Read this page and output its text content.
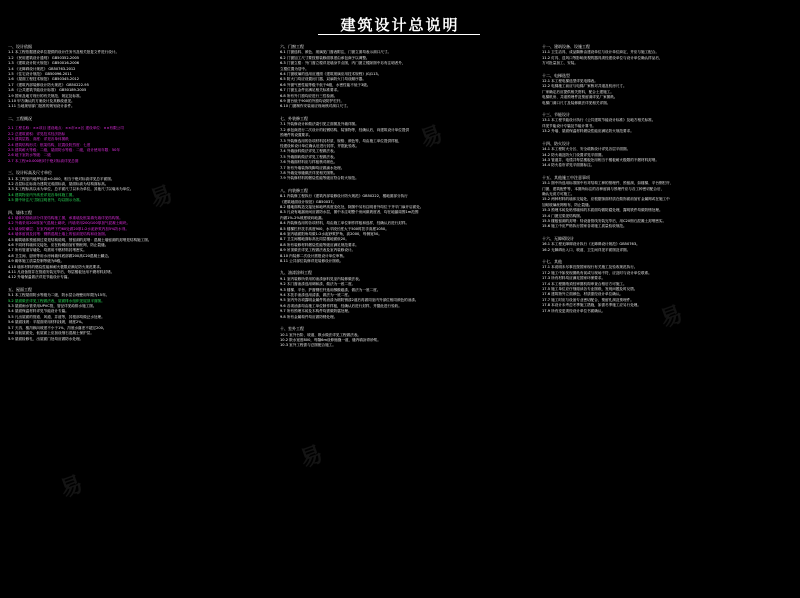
建筑设计总说明
一、设计依据
1.1 本工程依据建设单位提供的设计任务书及相关批复文件进行设计。
1.2 《民用建筑设计通则》 GB50352-2005
1.3 《建筑设计防火规范》 GB50016-2006
1.4 《无障碍设计规范》 GB50763-2012
1.5 《住宅设计规范》 GB50096-2011
1.6 《屋面工程技术规范》 GB50345-2012
1.7 《建筑内部装修设计防火规范》 GB50222-95
1.8 《公共建筑节能设计标准》 GB50189-2005
1.9 国家及地方现行的有关规范、规定及标准。
1.10 甲方确认的方案设计及其修改意见。
1.11 当地规划部门批准的规划设计条件。
二、工程概况
2.1 工程名称：××项目 建设地点：××市××区 建设单位：××有限公司
2.2 总建筑面积：详见技术经济指标
2.3 建筑层数、高度：详见各单体图纸
2.4 建筑结构形式：框架结构，抗震设防烈度：七度
2.5 建筑耐火等级：二级，屋面防水等级：二级，设计使用年限：50年
2.6 地下室防水等级：二级
2.7 本工程±0.000相对于绝对标高详见总图
三、设计标高及尺寸单位
3.1 本工程室内地坪标高±0.000，相当于绝对标高详见总平面图。
3.2 各层标注标高为建筑完成面标高，屋面标高为结构面标高。
3.3 本工程标高以米为单位，总平面尺寸以米为单位，其他尺寸以毫米为单位。
3.4 建筑物室内外高差详见各单体施工图。
3.5 图中所注尺寸除注明者外，均以图示为准。
四、墙体工程
4.1 墙体的基础部分详见结构施工图，承重墙及框架填充墙详见结构图。
4.2 外墙采用200厚加气混凝土砌块，内墙采用200/100厚加气混凝土砌块。
4.3 墙身防潮层：在室内地坪下约60处做20厚1:2水泥砂浆内加5%防水剂。
4.4 墙体留洞及封堵：钢筋混凝土墙上的留洞见结构和设备图。
4.5 砌筑墙体预留洞过梁见结构说明，预留洞的封堵：混凝土墙留洞的封堵见结构施工图。
4.6 不同材料墙体交接处，应在粉刷前加钉钢丝网，防止裂缝。
4.7 所有管道穿墙处，均需用不燃材料封堵密实。
4.8 卫生间、厨房等用水房间墙体底部做200高C20混凝土翻边。
4.9 砌体施工质量控制等级为B级。
4.10 墙体材料的燃烧性能和耐火极限应满足防火规范要求。
4.11 凡设备管井在管道安装完毕后，每层楼板处用不燃材料封堵。
4.12 外墙保温做法详见节能设计专篇。
五、屋面工程
5.1 本工程屋面防水等级为二级，防水层合理使用年限为15年。
5.2 屋面做法详见工程做法表，屋面排水组织见屋顶平面图。
5.3 屋面雨水管采用UPVC管，管径详见给排水施工图。
5.4 屋面保温材料详见节能设计专篇。
5.5 凡出屋面的管道、风道、井道等，其根部均做泛水处理。
5.6 屋面找坡：平屋面采用材料找坡，坡度2%。
5.7 天沟、檐沟纵向坡度不小于1%，沟底水落差不超过200。
5.8 高低屋面处，低屋面上应加设细石混凝土保护层。
5.9 屋面检修孔、出屋面门处均应做防水处理。
六、门窗工程
6.1 门窗选料、颜色、玻璃见门窗表附注，门窗立面均表示洞口尺寸。
6.2 门窗加工尺寸要按照装修面厚度由承包商予以调整。
6.3 门窗立樘：外门窗立樘详见墙身节点图，内门窗立樘除图中另有注明者外，
立樘位置为居中。
6.4 门窗玻璃的选用应遵照《建筑玻璃应用技术规程》JGJ113。
6.5 防火门均应设置闭门器，双扇防火门均设顺序器。
6.6 外窗气密性能等级不低于6级，水密性能不低于3级。
6.7 门窗五金件应满足相关标准要求。
6.8 所有外门窗均应进行三性检测。
6.9 窗台低于900的外窗均设防护栏杆。
6.10 门窗制作安装前应现场核对洞口尺寸。
七、外装修工程
7.1 外装修设计和做法索引见立面图及外墙详图。
7.2 承包商进行二次设计的轻钢结构、装饰物等，经确认后，向建筑设计单位提供
预埋件的设置要求。
7.3 外装修选用的各项材料其材质、规格、颜色等，均由施工单位提供样板，
经建设和设计单位确认后进行封样，并据此验收。
7.4 外墙涂料做法详见工程做法表。
7.5 外墙面砖做法详见工程做法表。
7.6 外墙面材料应与样板核对颜色。
7.7 所有外墙装饰线脚均应做滴水处理。
7.8 外墙变形缝做法详见相关图集。
7.9 外装修材料的燃烧性能等级应符合防火规范。
八、内装修工程
8.1 内装修工程执行《建筑内部装修设计防火规范》GB50222，楼地面部分执行
《建筑地面设计规范》GB50037。
8.2 楼地面构造交接处和地坪高度变化处，除图中另有注明者外均位于齐平门扇开启面处。
8.3 凡设有地漏房间应做防水层，图中未注明整个房间做坡度者，均在地漏周围1m范围
内做1%-2%坡度坡向地漏。
8.4 内装修选用的各项材料，均由施工单位制作样板和选样，经确认后进行封样。
8.5 楼梯栏杆扶手高度900，水平段长度大于500时扶手高度1050。
8.6 室内墙面阳角均做1:2水泥砂浆护角，高2000，每侧宽50。
8.7 卫生间楼地面标高比同层楼地面低20。
8.8 所有装修材料燃烧性能等级应满足规范要求。
8.9 吊顶做法详见工程做法表及室内装修设计。
8.10 内装修二次设计需报设计单位审核。
8.11 公共部位装修详见装修设计图纸。
九、油漆涂料工程
9.1 室内装修所采用的油漆涂料见室内装修做法表。
9.2 木门窗油漆选用调和漆，做法为一底二度。
9.3 楼梯、平台、护窗钢栏杆选用醇酸磁漆，做法为一底二度。
9.4 木扶手油漆选用清漆，做法为一底二度。
9.5 室内外各项露明金属件的油漆为刷防锈漆2道后再做同室内外部位相同颜色的油漆。
9.6 各项油漆均由施工单位制作样板，经确认后进行封样，并据此进行验收。
9.7 所有预埋木砖及木构件均需做防腐处理。
9.8 所有金属构件均应做防锈处理。
十、室外工程
10.1 室外台阶、坡道、散水做法详见工程做法表。
10.2 散水宽度800，每隔6m设伸缩缝一道，缝内填沥青砂浆。
10.3 室外工程需与总图配合施工。
十一、建筑设备、设施工程
11.1 卫生洁具、成品隔断由建设单位与设计单位商定，并应与施工配合。
11.2 灯具、送风口等影响美观的器具须经建设单位与设计单位确认样品后，
方可批量加工、安装。
十二、电梯选型
12.1 本工程电梯选型详见电梯表。
12.2 电梯施工前应与电梯厂家核对井道及机房尺寸。
厂家确定后应提供相关资料，配合土建施工。
电梯机房、井道预埋件及预留洞详见厂家图纸。
电梯门洞口尺寸及装修做法详见相关详图。
十三、节能设计
13.1 本工程节能设计执行《公共建筑节能设计标准》及地方相关标准。
详见节能设计专篇及节能计算书。
13.2 外墙、屋面保温材料燃烧性能应满足防火规范要求。
十四、防火设计
14.1 本工程防火分区、安全疏散设计详见各层平面图。
14.2 防火墙及防火门设置详见平面图。
14.3 管道井、电缆井每层楼板处用相当于楼板耐火极限的不燃材料封堵。
14.4 防火卷帘详见平面图标注。
十五、其他施工中注意事项
15.1 图中所选用标准图中有对结构工种的预埋件、预留洞，如楼梯、平台钢栏杆、
门窗、建筑配件等，本图所标注的各种留洞与预埋件应与各工种密切配合后，
确认无误方可施工。
15.2 两种材料的墙体交接处，应根据饰面材质在做饰面前加钉金属网或在施工中
加贴玻璃丝网格布，防止裂缝。
15.3 预埋木砖及贴邻墙体的木质面均做防腐处理，露明铁件均做防锈处理。
15.4 门窗过梁见结构图。
15.5 楼板留洞的封堵：待设备管线安装完毕后，用C20细石混凝土封堵密实。
15.6 施工中应严格执行国家各项施工质量验收规范。
十六、无障碍设计
16.1 本工程无障碍设计执行《无障碍设计规范》GB50763。
16.2 无障碍出入口、坡道、卫生间详见平面图及详图。
十七、其他
17.1 本说明未尽事宜按国家现行有关施工及验收规范执行。
17.2 施工中如发现图纸有误或与现场不符，应及时与设计单位联系。
17.3 所有材料均应满足国家环保要求。
17.4 本工程图纸须经审图机构审查合格后方可施工。
17.5 施工单位应仔细阅读各专业图纸，发现问题及时反馈。
17.6 建筑物外立面颜色、材质需经设计单位确认。
17.7 施工时应与设备专业密切配合，预留孔洞及预埋件。
17.8 本设计未考虑冬季施工措施，如需冬季施工应另行处理。
17.9 所有变更须经设计单位书面确认。
易
易
易
易
易
